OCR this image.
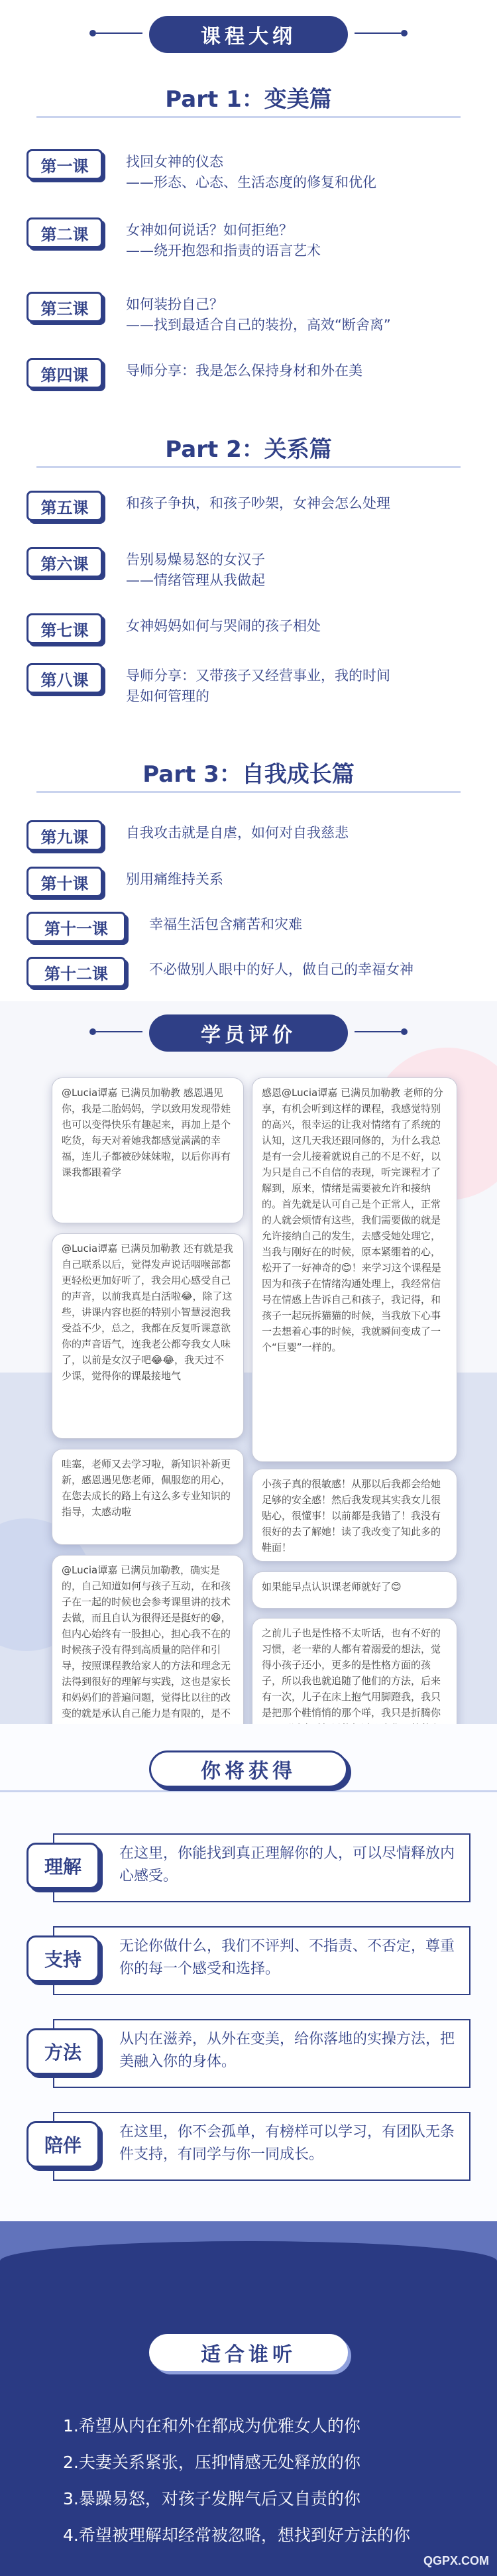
课程大纲
Part 1：变美篇
第一课	找回女神的仪态
——形态、心态、生活态度的修复和优化
第二课	女神如何说话？如何拒绝？
——绕开抱怨和指责的语言艺术
第三课	如何装扮自己？
——找到最适合自己的装扮，高效“断舍离”
第四课	导师分享：我是怎么保持身材和外在美
Part 2：关系篇
第五课	和孩子争执，和孩子吵架，女神会怎么处理
第六课	告别易燥易怒的女汉子
——情绪管理从我做起
第七课	女神妈妈如何与哭闹的孩子相处
第八课	导师分享：又带孩子又经营事业，我的时间
是如何管理的
Part 3：自我成长篇
第九课	自我攻击就是自虐，如何对自我慈悲
第十课	别用痛维持关系
第十一课	幸福生活包含痛苦和灾难
第十二课	不必做别人眼中的好人，做自己的幸福女神
学员评价
@Lucia谭嘉 已满员加勒教 感恩遇见你，我是二胎妈妈，学以致用发现带娃也可以变得快乐有趣起来，再加上是个吃货，每天对着她我都感觉满满的幸福，连儿子都被砂妹妹啦，以后你再有课我都跟着学
@Lucia谭嘉 已满员加勒教 还有就是我自己联系以后，觉得发声说话咽喉部都更轻松更加好听了，我会用心感受自己的声音，以前我真是白活啦😂，除了这些，讲课内容也挺的特别小智慧浸泡我受益不少，总之，我都在反复听课意欲你的声音语气，连我老公都夸我女人味了，以前是女汉子吧😂😂，我天过不少课，觉得你的课最接地气
哇塞，老师又去学习啦，新知识补新更新，感恩遇见您老师，佩服您的用心，在您去成长的路上有这么多专业知识的指导，太感动啦
@Lucia谭嘉 已满员加勒教，确实是的，自己知道如何与孩子互动，在和孩子在一起的时候也会参考课里讲的技术去做，而且自认为很得还是挺好的😆，但内心始终有一股担心，担心我不在的时候孩子没有得到高质量的陪伴和引导，按照课程教给家人的方法和理念无法得到很好的理解与实践，这也是家长和妈妈们的普遍问题，觉得比以往的改变的就是承认自己能力是有限的，是不
感恩@Lucia谭嘉 已满员加勒教 老师的分享，有机会听到这样的课程，我感觉特别的高兴，很幸运的让我对情绪有了系统的认知，这几天我还跟同修的，为什么我总是有一会儿接着就说自己的不足不好，以为只是自己不自信的表现，听完课程才了解到，原来，情绪是需要被允许和接纳的。首先就是认可自己是个正常人，正常的人就会烦情有这些，我们需要做的就是允许接纳自己的发生，去感受她处理它，当我与刚好在的时候，原本紧绷着的心，松开了一好神奇的😊！来学习这个课程是因为和孩子在情绪沟通处理上，我经常信号在情感上告诉自己和孩子，我记得，和孩子一起玩拆猫猫的时候，当我放下心事一去想着心事的时候，我就瞬间变成了一个“巨婴”一样的。
小孩子真的很敏感！从那以后我都会给她足够的安全感！然后我发现其实我女儿很贴心，很懂事！以前都是我错了！我没有很好的去了解她！读了我改变了知此多的鞋面！
如果能早点认识课老师就好了😊
之前儿子也是性格不太听话，也有不好的习惯，老一辈的人都有着溺爱的想法，觉得小孩子还小，更多的是性格方面的孩子，所以我也就追随了他们的方法，后来有一次，儿子在床上抱气用脚蹬我，我只是把那个鞋悄悄的那个咩，我只是折腾你
你将获得
理解
在这里，你能找到真正理解你的人，可以尽情释放内心感受。
支持
无论你做什么，我们不评判、不指责、不否定，尊重你的每一个感受和选择。
方法
从内在滋养，从外在变美，给你落地的实操方法，把美融入你的身体。
陪伴
在这里，你不会孤单，有榜样可以学习，有团队无条件支持，有同学与你一同成长。
适合谁听
1.希望从内在和外在都成为优雅女人的你
2.夫妻关系紧张，压抑情感无处释放的你
3.暴躁易怒，对孩子发脾气后又自责的你
4.希望被理解却经常被忽略，想找到好方法的你
QGPX.COM
